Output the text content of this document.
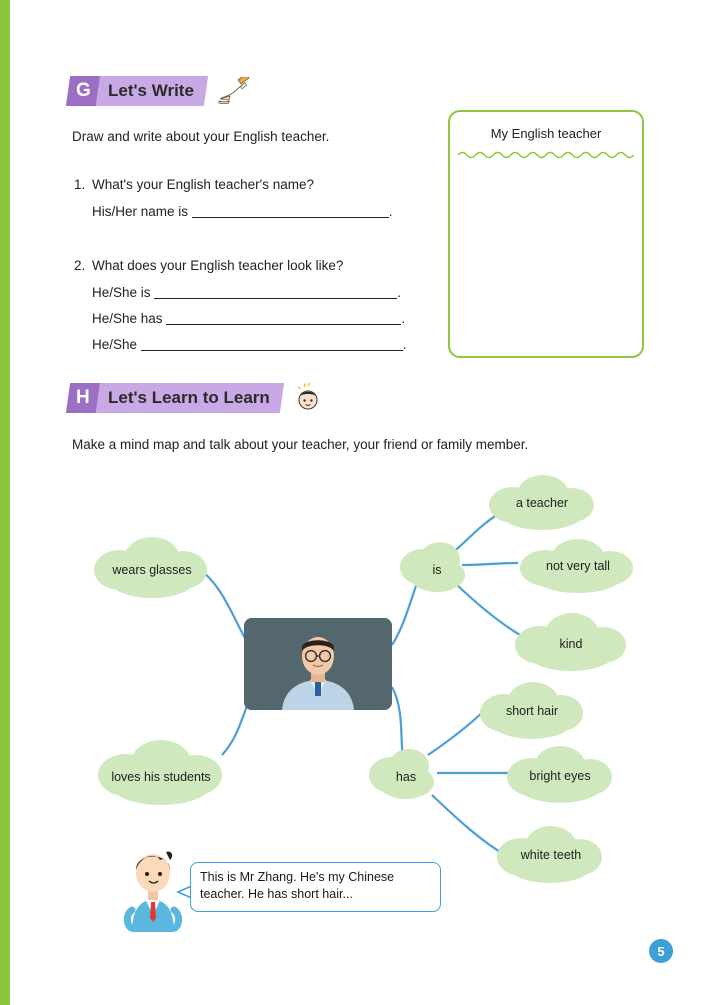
G Let's Write
Draw and write about your English teacher.
1. What's your English teacher's name?
His/Her name is	.
2. What does your English teacher look like?
He/She is	.
He/She has	.
He/She	.
My English teacher
H Let's Learn to Learn
Make a mind map and talk about your teacher, your friend or family member.
wears glasses
loves his students
is
has
a teacher
not very tall
kind
short hair
bright eyes
white teeth
This is Mr Zhang. He's my Chinese
teacher. He has short hair...
5
